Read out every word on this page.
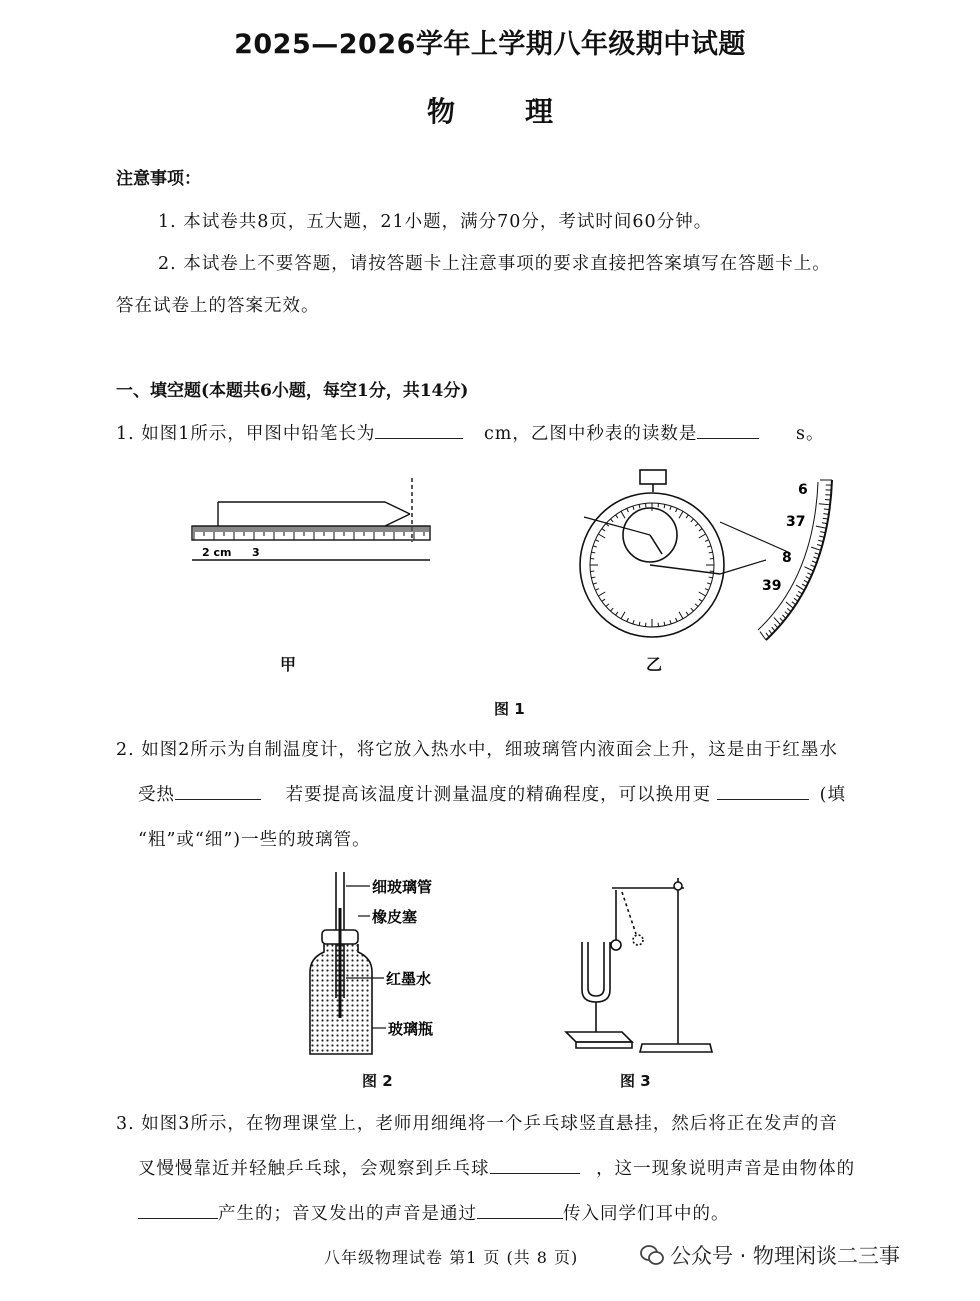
2025—2026学年上学期八年级期中试题
物理
注意事项：
1. 本试卷共8页，五大题，21小题，满分70分，考试时间60分钟。
2. 本试卷上不要答题，请按答题卡上注意事项的要求直接把答案填写在答题卡上。
答在试卷上的答案无效。
一、填空题(本题共6小题，每空1分，共14分)
1. 如图1所示，甲图中铅笔长为	cm，乙图中秒表的读数是	s。
2 cm 3
甲
6
37
8
39
乙
图 1
2. 如图2所示为自制温度计，将它放入热水中，细玻璃管内液面会上升，这是由于红墨水
受热	若要提高该温度计测量温度的精确程度，可以换用更	(填
“粗”或“细”)一些的玻璃管。
细玻璃管
橡皮塞
红墨水
玻璃瓶
图 2	图 3
3. 如图3所示，在物理课堂上，老师用细绳将一个乒乓球竖直悬挂，然后将正在发声的音
叉慢慢靠近并轻触乒乓球，会观察到乒乓球	，这一现象说明声音是由物体的
产生的；音叉发出的声音是通过	传入同学们耳中的。
八年级物理试卷 第1 页 (共 8 页)	公众号 · 物理闲谈二三事
